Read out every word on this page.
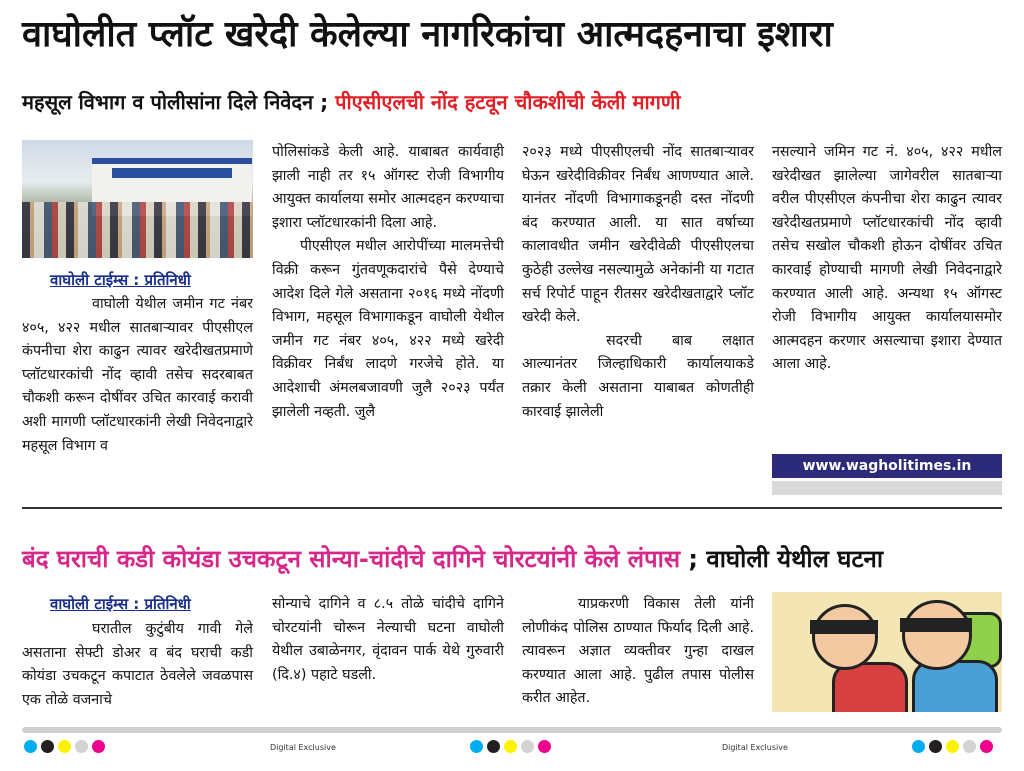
वाघोलीत प्लॉट खरेदी केलेल्या नागरिकांचा आत्मदहनाचा इशारा
महसूल विभाग व पोलीसांना दिले निवेदन ; पीएसीएलची नोंद हटवून चौकशीची केली मागणी
वाघोली टाईम्स : प्रतिनिधी

वाघोली येथील जमीन गट नंबर ४०५, ४२२ मधील सातबाऱ्यावर पीएसीएल कंपनीचा शेरा काढुन त्यावर खरेदीखतप्रमाणे प्लॉटधारकांची नोंद व्हावी तसेच सदरबाबत चौकशी करून दोषींवर उचित कारवाई करावी अशी मागणी प्लॉटधारकांनी लेखी निवेदनाद्वारे महसूल विभाग व

पोलिसांकडे केली आहे. याबाबत कार्यवाही झाली नाही तर १५ ऑगस्ट रोजी विभागीय आयुक्त कार्यालया समोर आत्मदहन करण्याचा इशारा प्लॉटधारकांनी दिला आहे.

पीएसीएल मधील आरोपींच्या मालमत्तेची विक्री करून गुंतवणूकदारांचे पैसे देण्याचे आदेश दिले गेले असताना २०१६ मध्ये नोंदणी विभाग, महसूल विभागाकडून वाघोली येथील जमीन गट नंबर ४०५, ४२२ मध्ये खरेदी विक्रीवर निर्बंध लादणे गरजेचे होते. या आदेशाची अंमलबजावणी जुलै २०२३ पर्यंत झालेली नव्हती. जुलै

२०२३ मध्ये पीएसीएलची नोंद सातबाऱ्यावर घेऊन खरेदीविक्रीवर निर्बंध आणण्यात आले. यानंतर नोंदणी विभागाकडूनही दस्त नोंदणी बंद करण्यात आली. या सात वर्षाच्या कालावधीत जमीन खरेदीवेळी पीएसीएलचा कुठेही उल्लेख नसल्यामुळे अनेकांनी या गटात सर्च रिपोर्ट पाहून रीतसर खरेदीखताद्वारे प्लॉट खरेदी केले.

सदरची बाब लक्षात आल्यानंतर जिल्हाधिकारी कार्यालयाकडे तक्रार केली असताना याबाबत कोणतीही कारवाई झालेली

नसल्याने जमिन गट नं. ४०५, ४२२ मधील खरेदीखत झालेल्या जागेवरील सातबाऱ्या वरील पीएसीएल कंपनीचा शेरा काढुन त्यावर खरेदीखतप्रमाणे प्लॉटधारकांची नोंद व्हावी तसेच सखोल चौकशी होऊन दोषींवर उचित कारवाई होण्याची मागणी लेखी निवेदनाद्वारे करण्यात आली आहे. अन्यथा १५ ऑगस्ट रोजी विभागीय आयुक्त कार्यालयासमोर आत्मदहन करणार असल्याचा इशारा देण्यात आला आहे.

www.wagholitimes.in
बंद घराची कडी कोयंडा उचकटून सोन्या-चांदीचे दागिने चोरटयांनी केले लंपास ; वाघोली येथील घटना
वाघोली टाईम्स : प्रतिनिधी

घरातील कुटुंबीय गावी गेले असताना सेफ्टी डोअर व बंद घराची कडी कोयंडा उचकटून कपाटात ठेवलेले जवळपास एक तोळे वजनाचे

सोन्याचे दागिने व ८.५ तोळे चांदीचे दागिने चोरटयांनी चोरून नेल्याची घटना वाघोली येथील उबाळेनगर, वृंदावन पार्क येथे गुरुवारी (दि.४) पहाटे घडली.

याप्रकरणी विकास तेली यांनी लोणीकंद पोलिस ठाण्यात फिर्याद दिली आहे. त्यावरून अज्ञात व्यक्तीवर गुन्हा दाखल करण्यात आला आहे. पुढील तपास पोलीस करीत आहेत.

Digital Exclusive	Digital Exclusive
